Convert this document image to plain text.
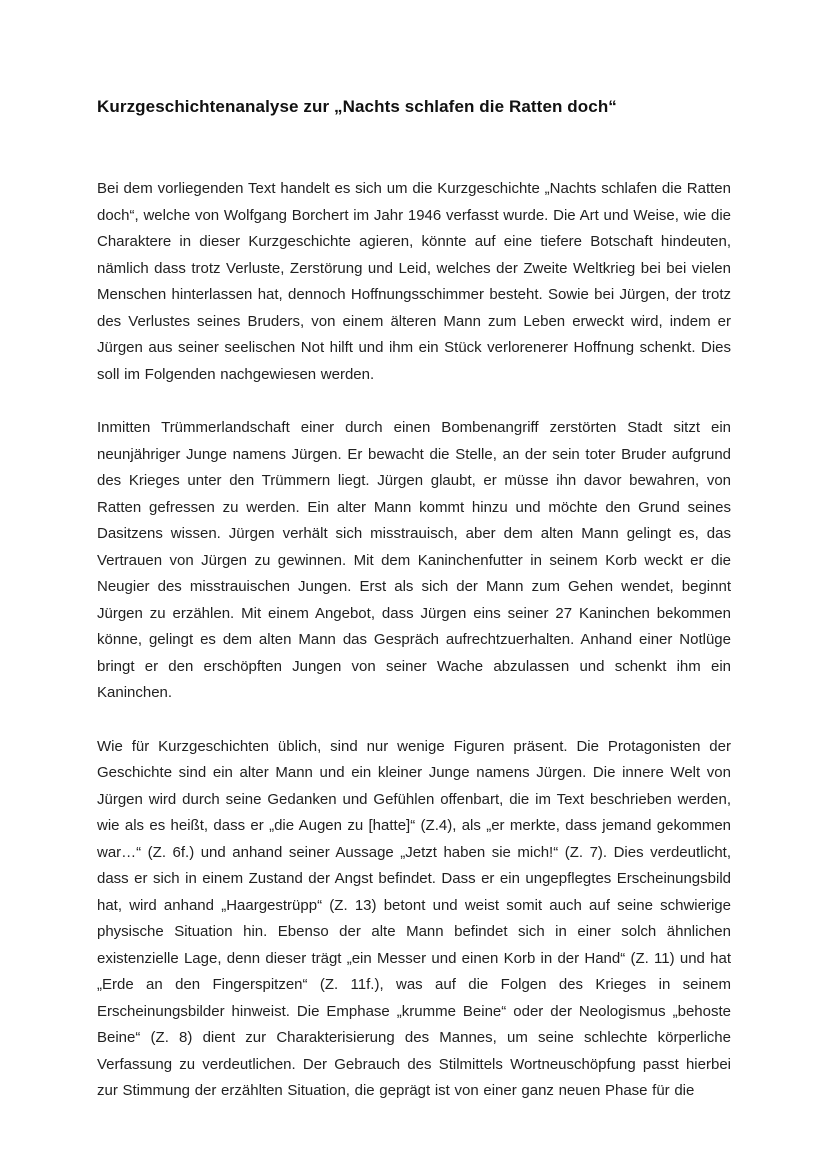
Kurzgeschichtenanalyse zur „Nachts schlafen die Ratten doch“

Bei dem vorliegenden Text handelt es sich um die Kurzgeschichte „Nachts schlafen die Ratten doch“, welche von Wolfgang Borchert im Jahr 1946 verfasst wurde. Die Art und Weise, wie die Charaktere in dieser Kurzgeschichte agieren, könnte auf eine tiefere Botschaft hindeuten, nämlich dass trotz Verluste, Zerstörung und Leid, welches der Zweite Weltkrieg bei bei vielen Menschen hinterlassen hat, dennoch Hoffnungsschimmer besteht. Sowie bei Jürgen, der trotz des Verlustes seines Bruders, von einem älteren Mann zum Leben erweckt wird, indem er Jürgen aus seiner seelischen Not hilft und ihm ein Stück verlorenerer Hoffnung schenkt. Dies soll im Folgenden nachgewiesen werden.

Inmitten Trümmerlandschaft einer durch einen Bombenangriff zerstörten Stadt sitzt ein neunjähriger Junge namens Jürgen. Er bewacht die Stelle, an der sein toter Bruder aufgrund des Krieges unter den Trümmern liegt. Jürgen glaubt, er müsse ihn davor bewahren, von Ratten gefressen zu werden. Ein alter Mann kommt hinzu und möchte den Grund seines Dasitzens wissen. Jürgen verhält sich misstrauisch, aber dem alten Mann gelingt es, das Vertrauen von Jürgen zu gewinnen. Mit dem Kaninchenfutter in seinem Korb weckt er die Neugier des misstrauischen Jungen. Erst als sich der Mann zum Gehen wendet, beginnt Jürgen zu erzählen. Mit einem Angebot, dass Jürgen eins seiner 27 Kaninchen bekommen könne, gelingt es dem alten Mann das Gespräch aufrechtzuerhalten. Anhand einer Notlüge bringt er den erschöpften Jungen von seiner Wache abzulassen und schenkt ihm ein Kaninchen.

Wie für Kurzgeschichten üblich, sind nur wenige Figuren präsent. Die Protagonisten der Geschichte sind ein alter Mann und ein kleiner Junge namens Jürgen. Die innere Welt von Jürgen wird durch seine Gedanken und Gefühlen offenbart, die im Text beschrieben werden, wie als es heißt, dass er „die Augen zu [hatte]“ (Z.4), als „er merkte, dass jemand gekommen war…“ (Z. 6f.) und anhand seiner Aussage „Jetzt haben sie mich!“ (Z. 7). Dies verdeutlicht, dass er sich in einem Zustand der Angst befindet. Dass er ein ungepflegtes Erscheinungsbild hat, wird anhand „Haargestrüpp“ (Z. 13) betont und weist somit auch auf seine schwierige physische Situation hin. Ebenso der alte Mann befindet sich in einer solch ähnlichen existenzielle Lage, denn dieser trägt „ein Messer und einen Korb in der Hand“ (Z. 11) und hat „Erde an den Fingerspitzen“ (Z. 11f.), was auf die Folgen des Krieges in seinem Erscheinungsbilder hinweist. Die Emphase „krumme Beine“ oder der Neologismus „behoste Beine“ (Z. 8) dient zur Charakterisierung des Mannes, um seine schlechte körperliche Verfassung zu verdeutlichen. Der Gebrauch des Stilmittels Wortneuschöpfung passt hierbei zur Stimmung der erzählten Situation, die geprägt ist von einer ganz neuen Phase für die
